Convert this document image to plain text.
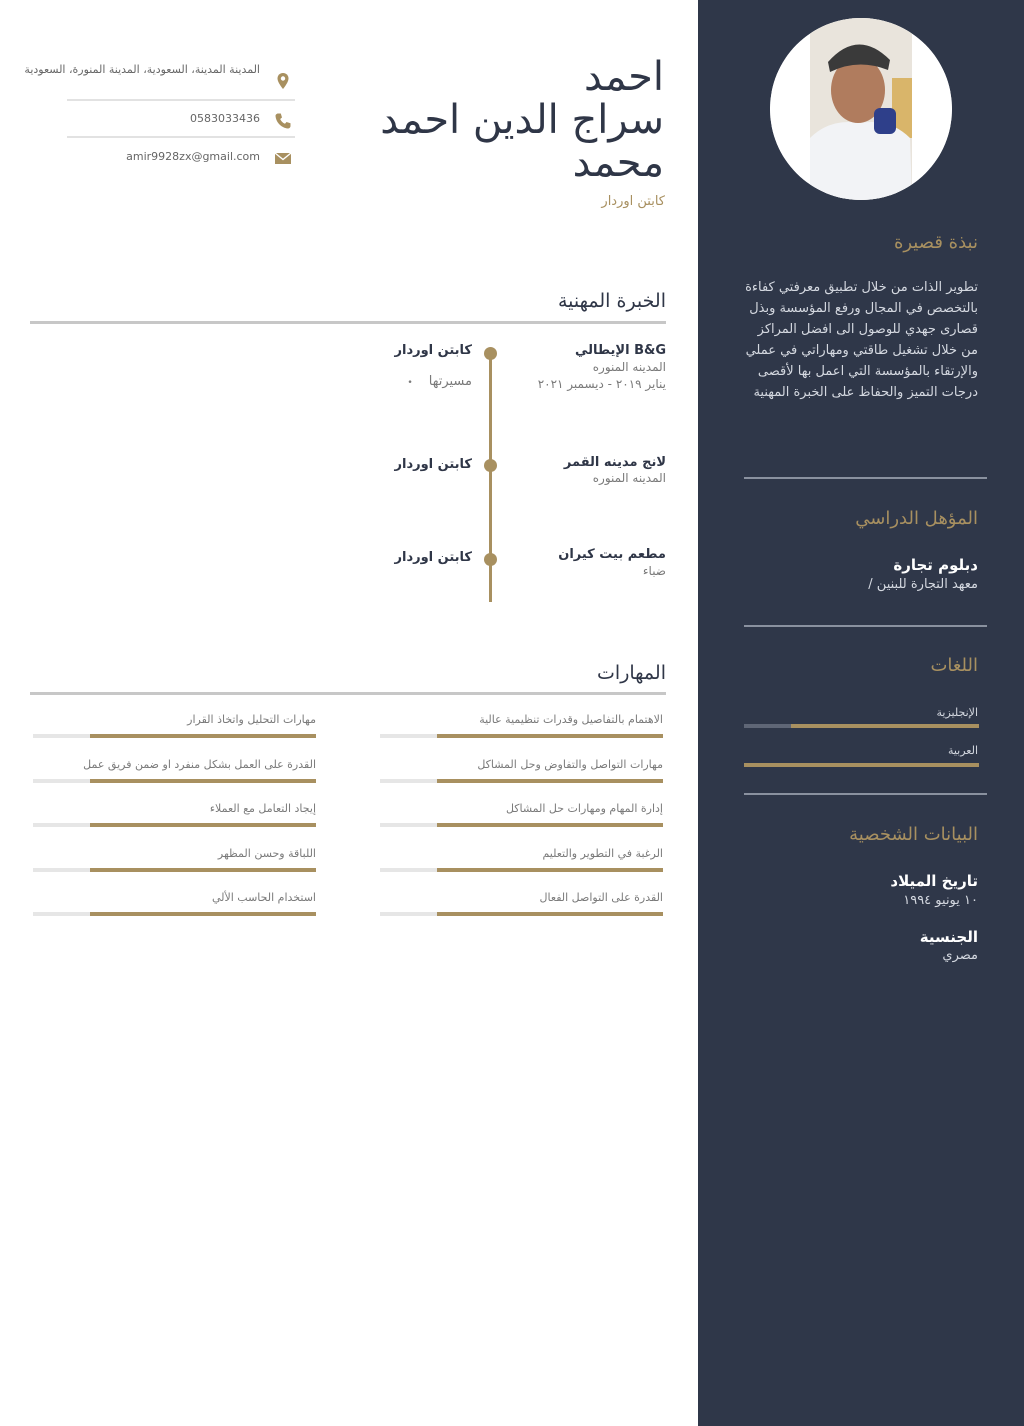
نبذة قصيرة
تطوير الذات من خلال تطبيق معرفتي كفاءة بالتخصص في المجال ورفع المؤسسة وبذل قصارى جهدي للوصول الى افضل المراكز من خلال تشغيل طاقتي ومهاراتي في عملي والإرتقاء بالمؤسسة التي اعمل بها لأقصى درجات التميز والحفاظ على الخبرة المهنية
المؤهل الدراسي
دبلوم تجارة
معهد التجارة للبنين /
اللغات
الإنجليزية
العربية
البيانات الشخصية
تاريخ الميلاد
١٠ يونيو ١٩٩٤
الجنسية
مصري
احمد
سراج الدين احمد
محمد
كابتن اوردار
المدينة المدينة، السعودية، المدينة المنورة، السعودية
0583033436
amir9928zx@gmail.com
الخبرة المهنية
B&G الإيطالي
المدينه المنوره
يناير ٢٠١٩ - ديسمبر ٢٠٢١
كابتن اوردار
مسيرتها •
لانج مدينه القمر
المدينه المنوره
كابتن اوردار
مطعم بيت كيران
ضباء
كابتن اوردار
المهارات
الاهتمام بالتفاصيل وقدرات تنظيمية عالية
مهارات التحليل واتخاذ القرار
مهارات التواصل والتفاوض وحل المشاكل
القدرة على العمل بشكل منفرد او ضمن فريق عمل
إدارة المهام ومهارات حل المشاكل
إيجاد التعامل مع العملاء
الرغبة في التطوير والتعليم
اللباقة وحسن المظهر
القدرة على التواصل الفعال
استخدام الحاسب الألي
